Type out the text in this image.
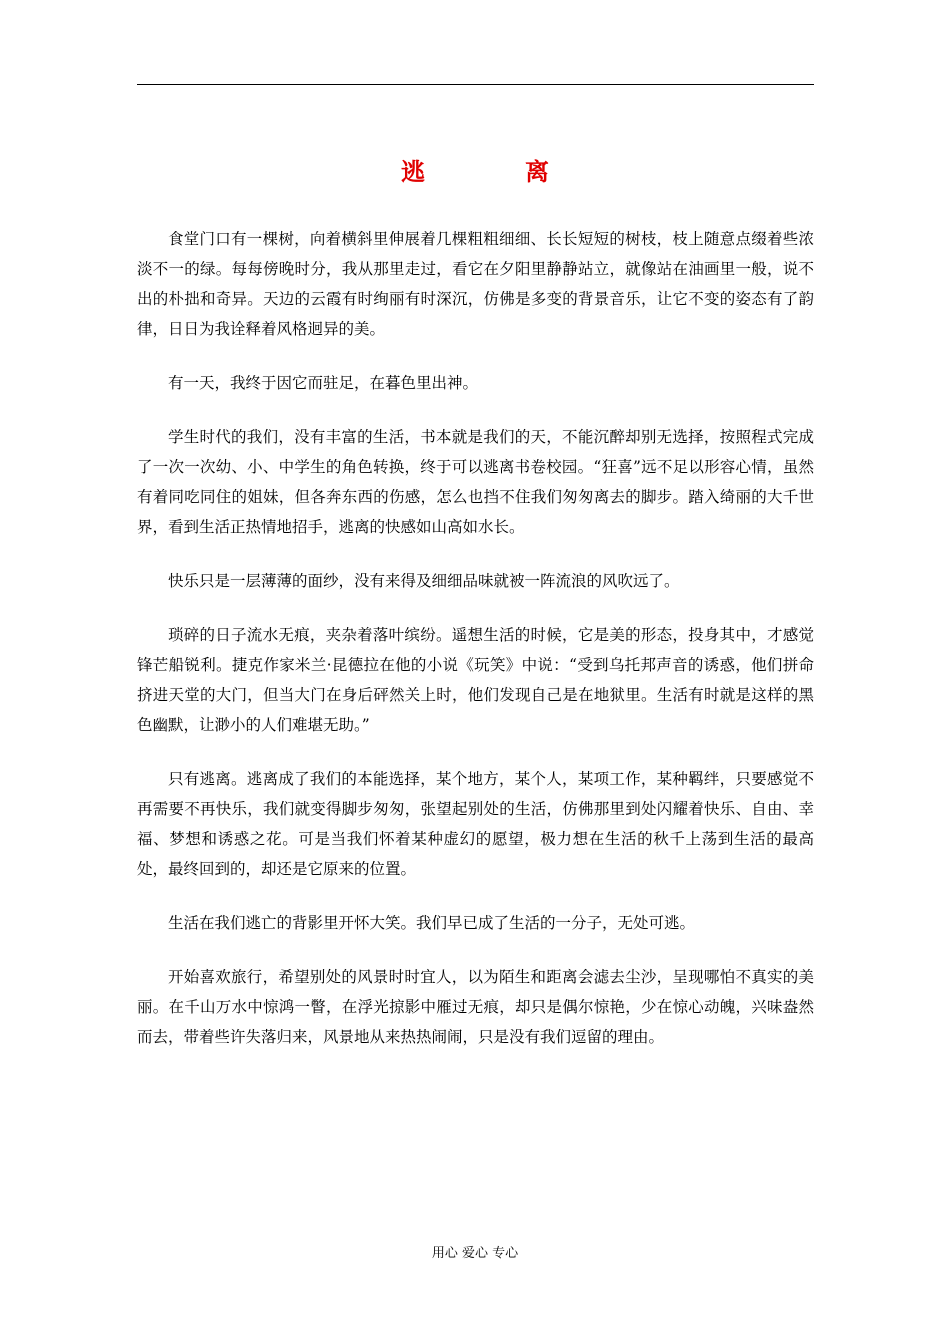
逃	离

食堂门口有一棵树，向着横斜里伸展着几棵粗粗细细、长长短短的树枝，枝上随意点缀着些浓淡不一的绿。每每傍晚时分，我从那里走过，看它在夕阳里静静站立，就像站在油画里一般，说不出的朴拙和奇异。天边的云霞有时绚丽有时深沉，仿佛是多变的背景音乐，让它不变的姿态有了韵律，日日为我诠释着风格迥异的美。

有一天，我终于因它而驻足，在暮色里出神。

学生时代的我们，没有丰富的生活，书本就是我们的天，不能沉醉却别无选择，按照程式完成了一次一次幼、小、中学生的角色转换，终于可以逃离书卷校园。“狂喜”远不足以形容心情，虽然有着同吃同住的姐妹，但各奔东西的伤感，怎么也挡不住我们匆匆离去的脚步。踏入绮丽的大千世界，看到生活正热情地招手，逃离的快感如山高如水长。

快乐只是一层薄薄的面纱，没有来得及细细品味就被一阵流浪的风吹远了。

琐碎的日子流水无痕，夹杂着落叶缤纷。遥想生活的时候，它是美的形态，投身其中，才感觉锋芒船锐利。捷克作家米兰·昆德拉在他的小说《玩笑》中说：“受到乌托邦声音的诱惑，他们拼命挤进天堂的大门，但当大门在身后砰然关上时，他们发现自己是在地狱里。生活有时就是这样的黑色幽默，让渺小的人们难堪无助。”

只有逃离。逃离成了我们的本能选择，某个地方，某个人，某项工作，某种羁绊，只要感觉不再需要不再快乐，我们就变得脚步匆匆，张望起别处的生活，仿佛那里到处闪耀着快乐、自由、幸福、梦想和诱惑之花。可是当我们怀着某种虚幻的愿望，极力想在生活的秋千上荡到生活的最高处，最终回到的，却还是它原来的位置。

生活在我们逃亡的背影里开怀大笑。我们早已成了生活的一分子，无处可逃。

开始喜欢旅行，希望别处的风景时时宜人，以为陌生和距离会滤去尘沙，呈现哪怕不真实的美丽。在千山万水中惊鸿一瞥，在浮光掠影中雁过无痕，却只是偶尔惊艳，少在惊心动魄，兴味盎然而去，带着些许失落归来，风景地从来热热闹闹，只是没有我们逗留的理由。

用心 爱心 专心
